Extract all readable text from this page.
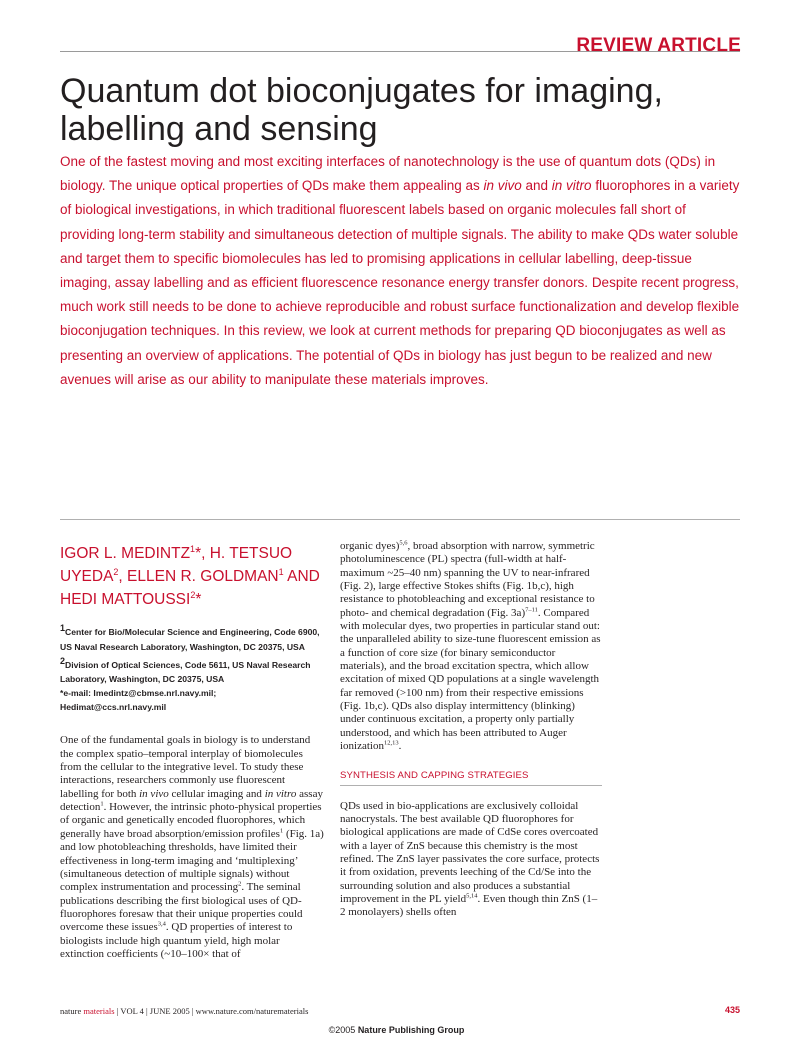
REVIEW ARTICLE
Quantum dot bioconjugates for imaging, labelling and sensing

One of the fastest moving and most exciting interfaces of nanotechnology is the use of quantum dots (QDs) in biology. The unique optical properties of QDs make them appealing as in vivo and in vitro fluorophores in a variety of biological investigations, in which traditional fluorescent labels based on organic molecules fall short of providing long-term stability and simultaneous detection of multiple signals. The ability to make QDs water soluble and target them to specific biomolecules has led to promising applications in cellular labelling, deep-tissue imaging, assay labelling and as efficient fluorescence resonance energy transfer donors. Despite recent progress, much work still needs to be done to achieve reproducible and robust surface functionalization and develop flexible bioconjugation techniques. In this review, we look at current methods for preparing QD bioconjugates as well as presenting an overview of applications. The potential of QDs in biology has just begun to be realized and new avenues will arise as our ability to manipulate these materials improves.

IGOR L. MEDINTZ$^1$*, H. TETSUO UYEDA$^2$, ELLEN R. GOLDMAN$^1$ AND HEDI MATTOUSSI$^2$*
$^1$Center for Bio/Molecular Science and Engineering, Code 6900,
US Naval Research Laboratory, Washington, DC 20375, USA
$^2$Division of Optical Sciences, Code 5611, US Naval Research
Laboratory, Washington, DC 20375, USA
*e-mail: Imedintz@cbmse.nrl.navy.mil;
Hedimat@ccs.nrl.navy.mil

One of the fundamental goals in biology is to understand the complex spatio–temporal interplay of biomolecules from the cellular to the integrative level. To study these interactions, researchers commonly use fluorescent labelling for both in vivo cellular imaging and in vitro assay detection$^1$. However, the intrinsic photo-physical properties of organic and genetically encoded fluorophores, which generally have broad absorption/emission profiles$^1$ (Fig. 1a) and low photobleaching thresholds, have limited their effectiveness in long-term imaging and ‘multiplexing’ (simultaneous detection of multiple signals) without complex instrumentation and processing$^2$. The seminal publications describing the first biological uses of QD-fluorophores foresaw that their unique properties could overcome these issues$^{3,4}$. QD properties of interest to biologists include high quantum yield, high molar extinction coefficients (~10–100× that of

organic dyes)$^{5,6}$, broad absorption with narrow, symmetric photoluminescence (PL) spectra (full-width at half-maximum ~25–40 nm) spanning the UV to near-infrared (Fig. 2), large effective Stokes shifts (Fig. 1b,c), high resistance to photobleaching and exceptional resistance to photo- and chemical degradation (Fig. 3a)$^{7-11}$. Compared with molecular dyes, two properties in particular stand out: the unparalleled ability to size-tune fluorescent emission as a function of core size (for binary semiconductor materials), and the broad excitation spectra, which allow excitation of mixed QD populations at a single wavelength far removed (>100 nm) from their respective emissions (Fig. 1b,c). QDs also display intermittency (blinking) under continuous excitation, a property only partially understood, and which has been attributed to Auger ionization$^{12,13}$.

SYNTHESIS AND CAPPING STRATEGIES

QDs used in bio-applications are exclusively colloidal nanocrystals. The best available QD fluorophores for biological applications are made of CdSe cores overcoated with a layer of ZnS because this chemistry is the most refined. The ZnS layer passivates the core surface, protects it from oxidation, prevents leeching of the Cd/Se into the surrounding solution and also produces a substantial improvement in the PL yield$^{5,14}$. Even though thin ZnS (1–2 monolayers) shells often

nature materials | VOL 4 | JUNE 2005 | www.nature.com/naturematerials	435
©2005 Nature Publishing Group
